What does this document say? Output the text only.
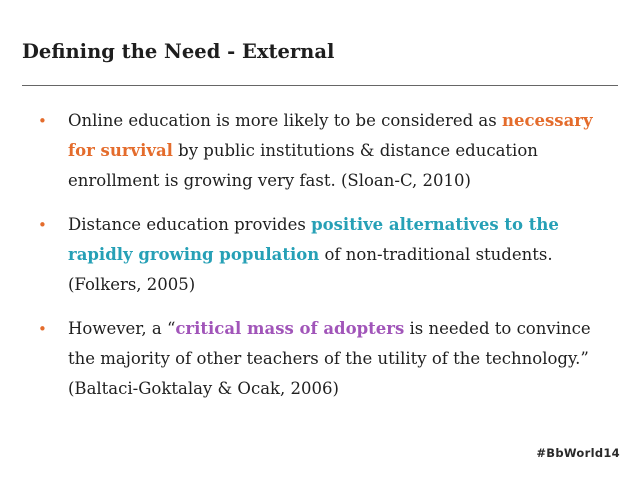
Defining the Need - External
• Online education is more likely to be considered as necessary for survival by public institutions & distance education enrollment is growing very fast. (Sloan-C, 2010)
• Distance education provides positive alternatives to the rapidly growing population of non-traditional students. (Folkers, 2005)
• However, a “critical mass of adopters is needed to convince the majority of other teachers of the utility of the technology.” (Baltaci-Goktalay & Ocak, 2006)
#BbWorld14
